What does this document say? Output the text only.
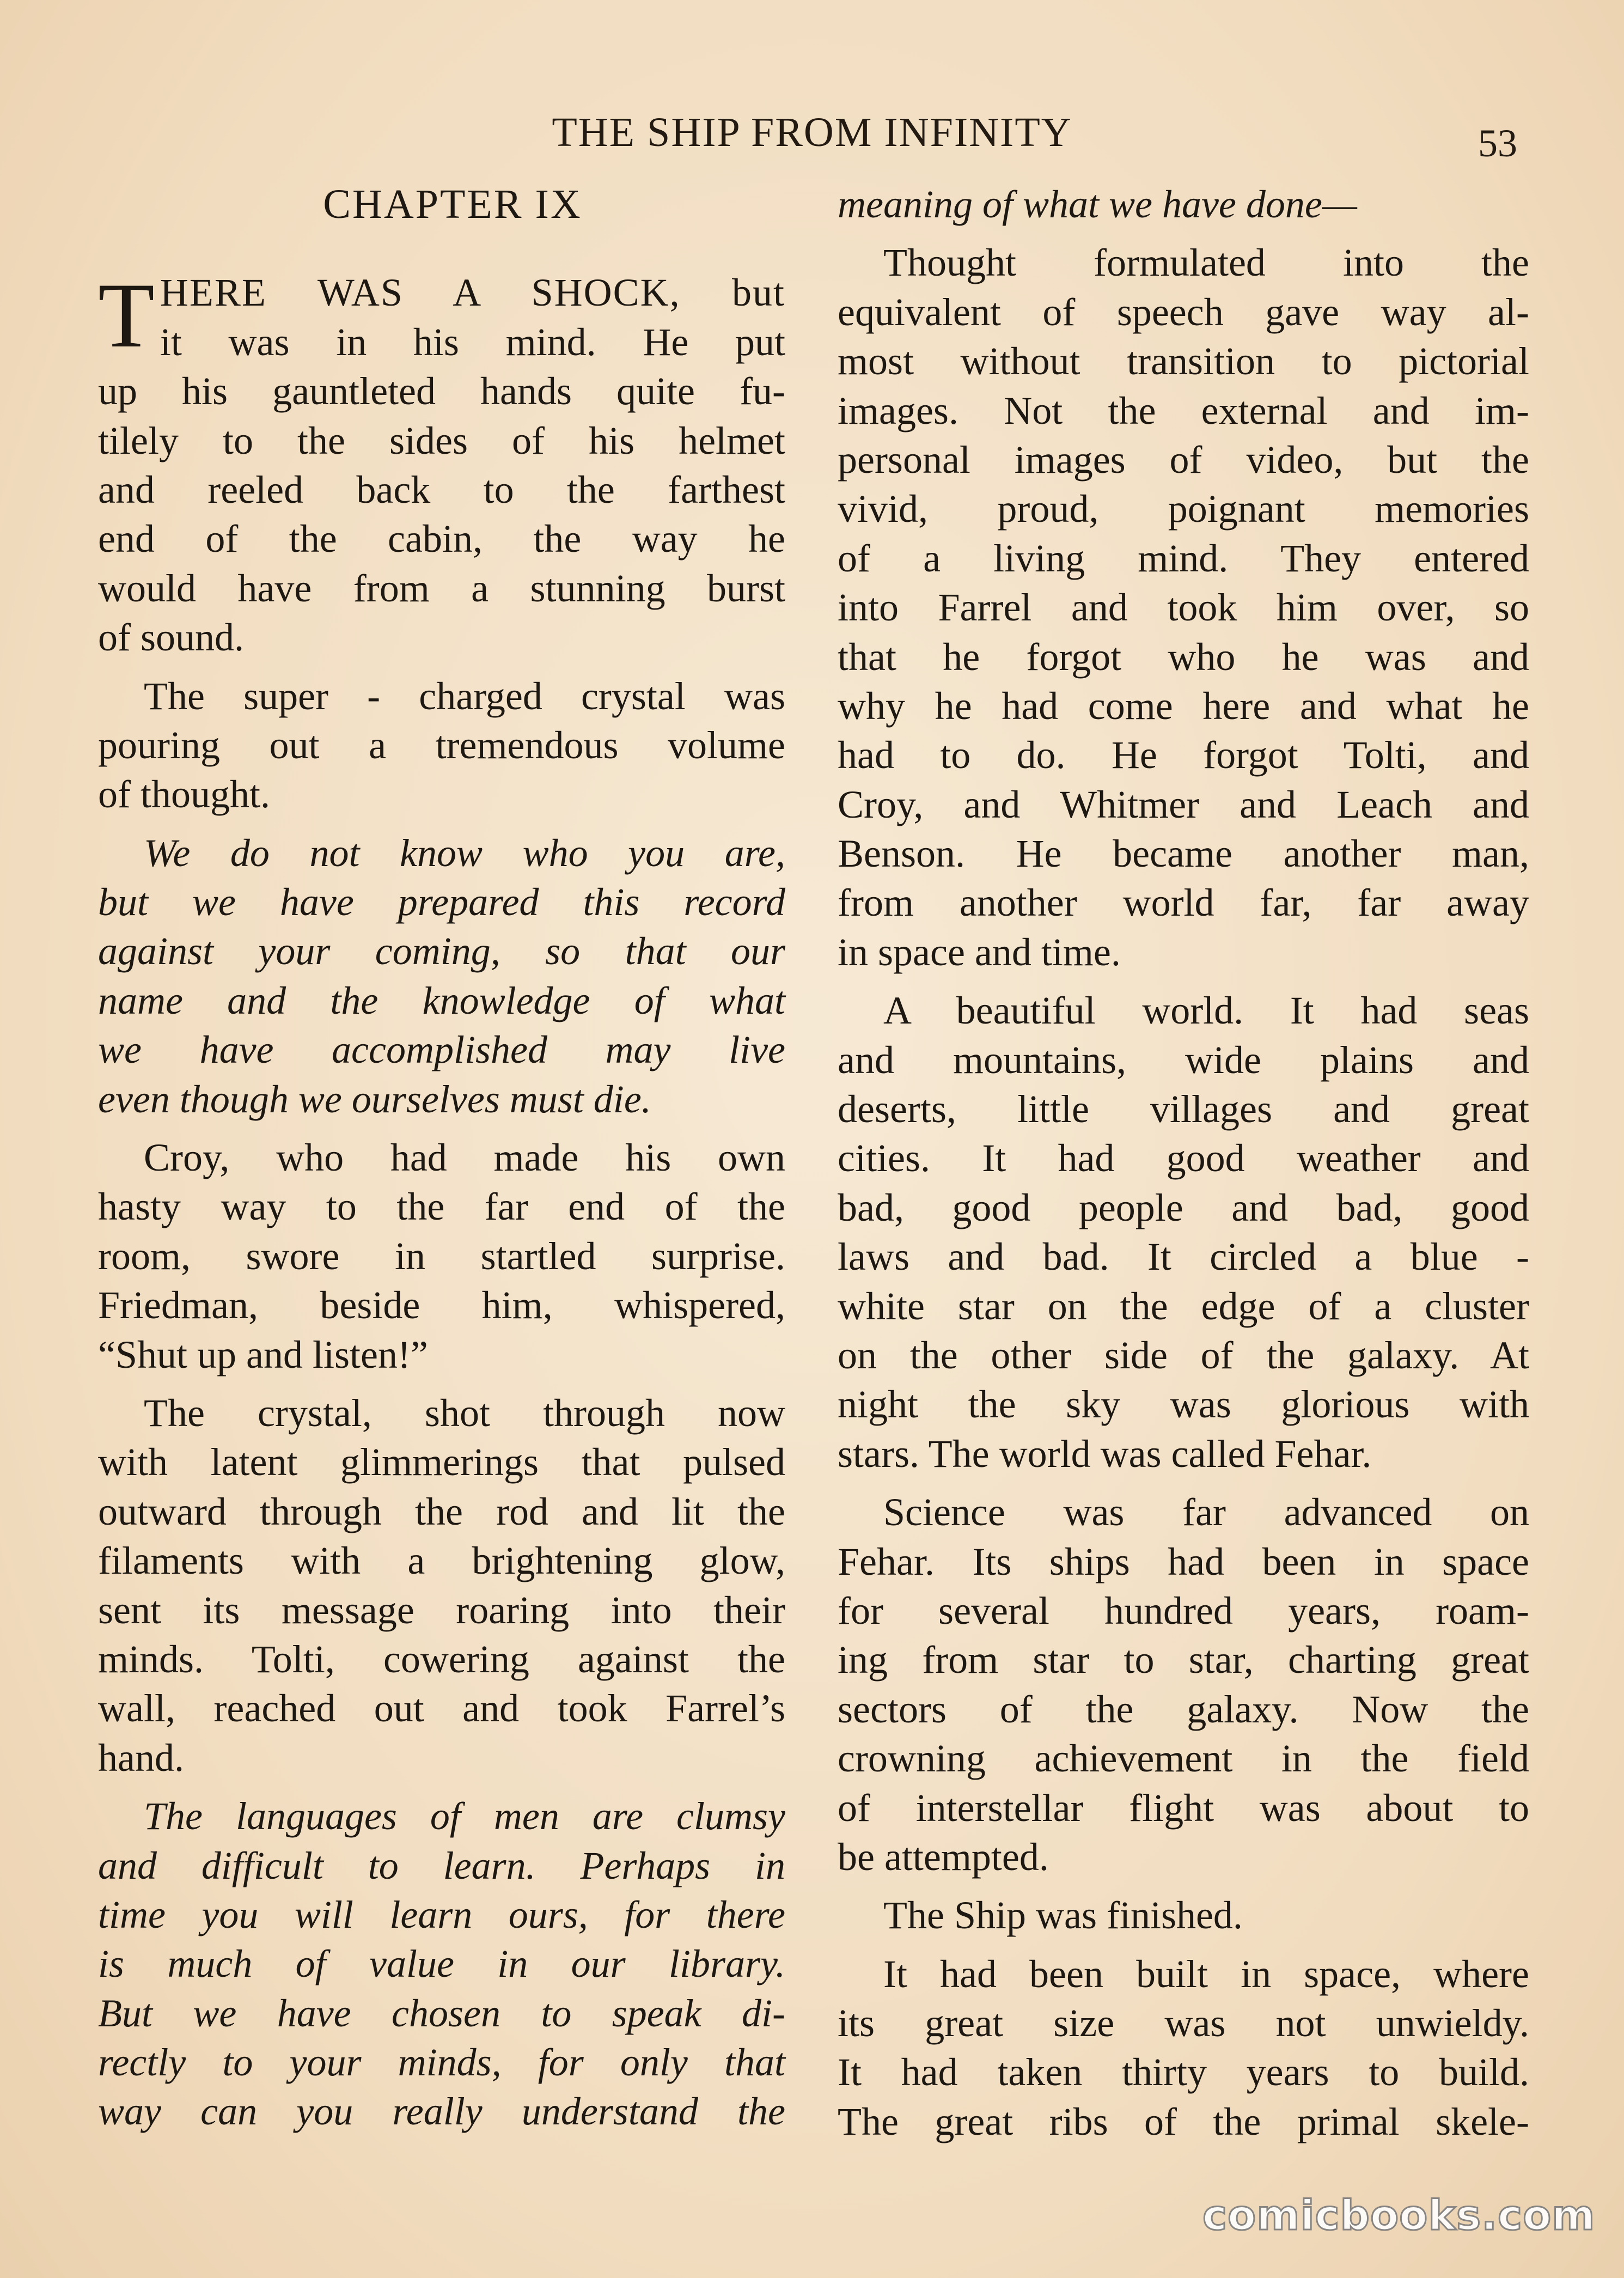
THE SHIP FROM INFINITY	53
CHAPTER IX
T HERE WAS A SHOCK, but
it was in his mind. He put
up his gauntleted hands quite fu-
tilely to the sides of his helmet
and reeled back to the farthest
end of the cabin, the way he
would have from a stunning burst
of sound.
The super - charged crystal was
pouring out a tremendous volume
of thought.
We do not know who you are,
but we have prepared this record
against your coming, so that our
name and the knowledge of what
we have accomplished may live
even though we ourselves must die.
Croy, who had made his own
hasty way to the far end of the
room, swore in startled surprise.
Friedman, beside him, whispered,
“Shut up and listen!”
The crystal, shot through now
with latent glimmerings that pulsed
outward through the rod and lit the
filaments with a brightening glow,
sent its message roaring into their
minds. Tolti, cowering against the
wall, reached out and took Farrel’s
hand.
The languages of men are clumsy
and difficult to learn. Perhaps in
time you will learn ours, for there
is much of value in our library.
But we have chosen to speak di-
rectly to your minds, for only that
way can you really understand the
meaning of what we have done—
Thought formulated into the
equivalent of speech gave way al-
most without transition to pictorial
images. Not the external and im-
personal images of video, but the
vivid, proud, poignant memories
of a living mind. They entered
into Farrel and took him over, so
that he forgot who he was and
why he had come here and what he
had to do. He forgot Tolti, and
Croy, and Whitmer and Leach and
Benson. He became another man,
from another world far, far away
in space and time.
A beautiful world. It had seas
and mountains, wide plains and
deserts, little villages and great
cities. It had good weather and
bad, good people and bad, good
laws and bad. It circled a blue -
white star on the edge of a cluster
on the other side of the galaxy. At
night the sky was glorious with
stars. The world was called Fehar.
Science was far advanced on
Fehar. Its ships had been in space
for several hundred years, roam-
ing from star to star, charting great
sectors of the galaxy. Now the
crowning achievement in the field
of interstellar flight was about to
be attempted.
The Ship was finished.
It had been built in space, where
its great size was not unwieldy.
It had taken thirty years to build.
The great ribs of the primal skele-
comicbooks.com
